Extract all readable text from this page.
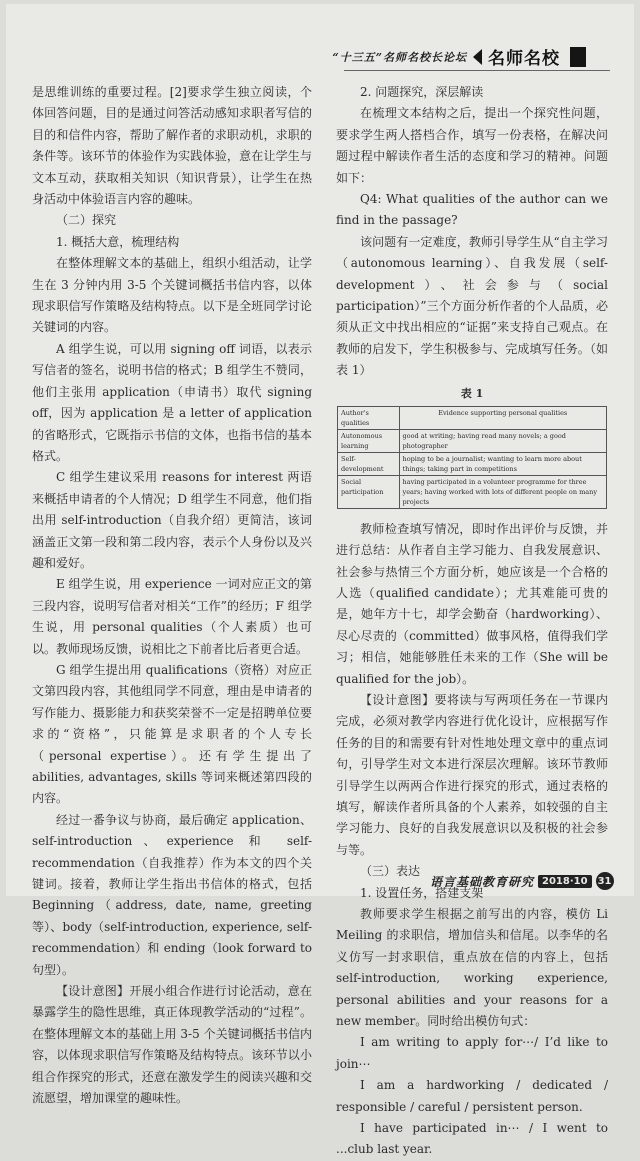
“十三五”名师名校长论坛 名师名校

是思维训练的重要过程。[2]要求学生独立阅读，个体回答问题，目的是通过问答活动感知求职者写信的目的和信件内容，帮助了解作者的求职动机，求职的条件等。该环节的体验作为实践体验，意在让学生与文本互动，获取相关知识（知识背景），让学生在热身活动中体验语言内容的趣味。

（二）探究

1. 概括大意，梳理结构

在整体理解文本的基础上，组织小组活动，让学生在 3 分钟内用 3-5 个关键词概括书信内容，以体现求职信写作策略及结构特点。以下是全班同学讨论关键词的内容。

A 组学生说，可以用 signing off 词语，以表示写信者的签名，说明书信的格式；B 组学生不赞同，他们主张用 application（申请书）取代 signing off，因为 application 是 a letter of application 的省略形式，它既指示书信的文体，也指书信的基本格式。

C 组学生建议采用 reasons for interest 两语来概括申请者的个人情况；D 组学生不同意，他们指出用 self-introduction（自我介绍）更简洁，该词涵盖正文第一段和第二段内容，表示个人身份以及兴趣和爱好。

E 组学生说，用 experience 一词对应正文的第三段内容，说明写信者对相关“工作”的经历；F 组学生说，用 personal qualities（个人素质）也可以。教师现场反馈，说相比之下前者比后者更合适。

G 组学生提出用 qualifications（资格）对应正文第四段内容，其他组同学不同意，理由是申请者的写作能力、摄影能力和获奖荣誉不一定是招聘单位要求的“资格”，只能算是求职者的个人专长（personal expertise）。还有学生提出了 abilities, advantages, skills 等词来概述第四段的内容。

经过一番争议与协商，最后确定 application、self-introduction、experience 和 self-recommendation（自我推荐）作为本文的四个关键词。接着，教师让学生指出书信体的格式，包括 Beginning（address, date, name, greeting 等）、body（self-introduction, experience, self-recommendation）和 ending（look forward to 句型）。

【设计意图】开展小组合作进行讨论活动，意在暴露学生的隐性思维，真正体现教学活动的“过程”。在整体理解文本的基础上用 3-5 个关键词概括书信内容，以体现求职信写作策略及结构特点。该环节以小组合作探究的形式，还意在激发学生的阅读兴趣和交流愿望，增加课堂的趣味性。

2. 问题探究，深层解读

在梳理文本结构之后，提出一个探究性问题，要求学生两人搭档合作，填写一份表格，在解决问题过程中解读作者生活的态度和学习的精神。问题如下：

Q4: What qualities of the author can we find in the passage?

该问题有一定难度，教师引导学生从“自主学习（autonomous learning）、自我发展（self-development）、社会参与（social participation）”三个方面分析作者的个人品质，必须从正文中找出相应的“证据”来支持自己观点。在教师的启发下，学生积极参与、完成填写任务。（如表 1）

表 1
Author's qualities	Evidence supporting personal qualities
Autonomous learning	good at writing; having read many novels; a good photographer
Self-development	hoping to be a journalist; wanting to learn more about things; taking part in competitions
Social participation	having participated in a volunteer programme for three years; having worked with lots of different people on many projects

教师检查填写情况，即时作出评价与反馈，并进行总结：从作者自主学习能力、自我发展意识、社会参与热情三个方面分析，她应该是一个合格的人选（qualified candidate）；尤其难能可贵的是，她年方十七，却学会勤奋（hardworking）、尽心尽责的（committed）做事风格，值得我们学习；相信，她能够胜任未来的工作（She will be qualified for the job）。

【设计意图】要将读与写两项任务在一节课内完成，必须对教学内容进行优化设计，应根据写作任务的目的和需要有针对性地处理文章中的重点词句，引导学生对文本进行深层次理解。该环节教师引导学生以两两合作进行探究的形式，通过表格的填写，解读作者所具备的个人素养，如较强的自主学习能力、良好的自我发展意识以及积极的社会参与等。

（三）表达

1. 设置任务，搭建支架

教师要求学生根据之前写出的内容，模仿 Li Meiling 的求职信，增加信头和信尾。以李华的名义仿写一封求职信，重点放在信的内容上，包括 self-introduction, working experience, personal abilities and your reasons for a new member。同时给出模仿句式：

I am writing to apply for⋯/ I’d like to join⋯

I am a hardworking / dedicated / responsible / careful / persistent person.

I have participated in⋯ / I went to ...club last year.

语言基础教育研究 2018·10	31
